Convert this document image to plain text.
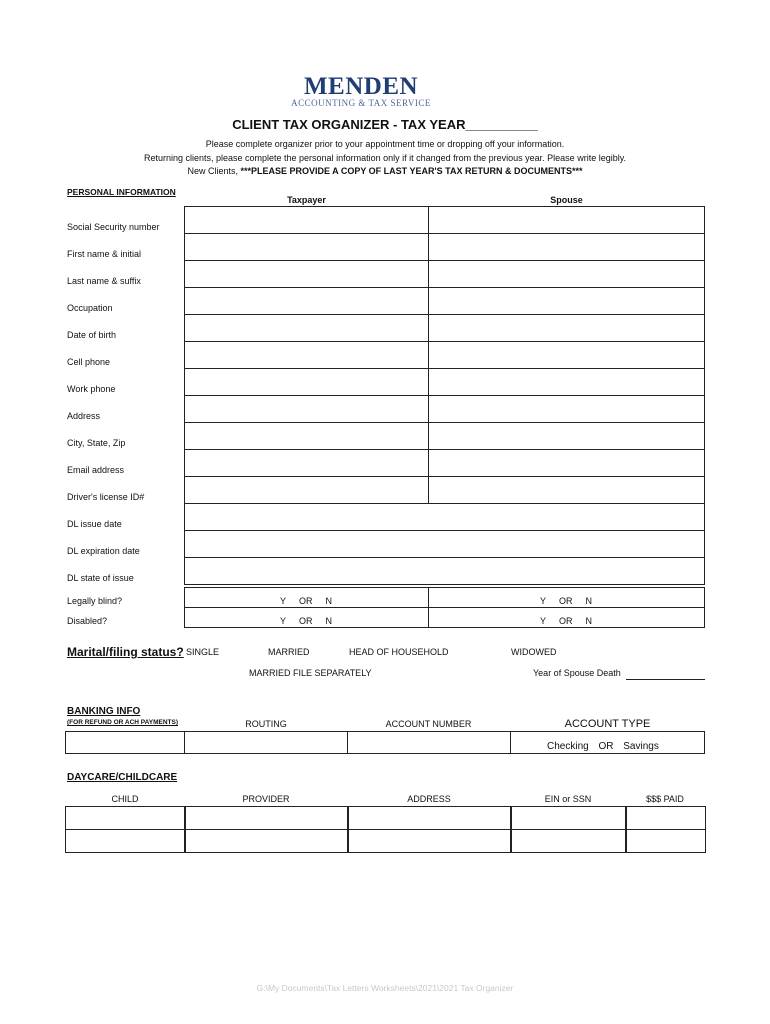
MENDEN
ACCOUNTING & TAX SERVICE
CLIENT TAX ORGANIZER - TAX YEAR__________
Please complete organizer prior to your appointment time or dropping off your information.
Returning clients, please complete the personal information only if it changed from the previous year. Please write legibly.
New Clients, ***PLEASE PROVIDE A COPY OF LAST YEAR'S TAX RETURN & DOCUMENTS***
PERSONAL INFORMATION
Taxpayer	Spouse
Social Security number
First name & initial
Last name & suffix
Occupation
Date of birth
Cell phone
Work phone
Address
City, State, Zip
Email address
Driver's license ID#
DL issue date
DL expiration date
DL state of issue
Legally blind?	Y OR N	Y OR N
Disabled?	Y OR N	Y OR N
Marital/filing status? SINGLE	MARRIED	HEAD OF HOUSEHOLD	WIDOWED
MARRIED FILE SEPARATELY	Year of Spouse Death
BANKING INFO
(FOR REFUND OR ACH PAYMENTS)	ROUTING	ACCOUNT NUMBER	ACCOUNT TYPE
Checking OR Savings
DAYCARE/CHILDCARE
CHILD	PROVIDER	ADDRESS	EIN or SSN	$$$ PAID
G:\My Documents\Tax Letters Worksheets\2021\2021 Tax Organizer
